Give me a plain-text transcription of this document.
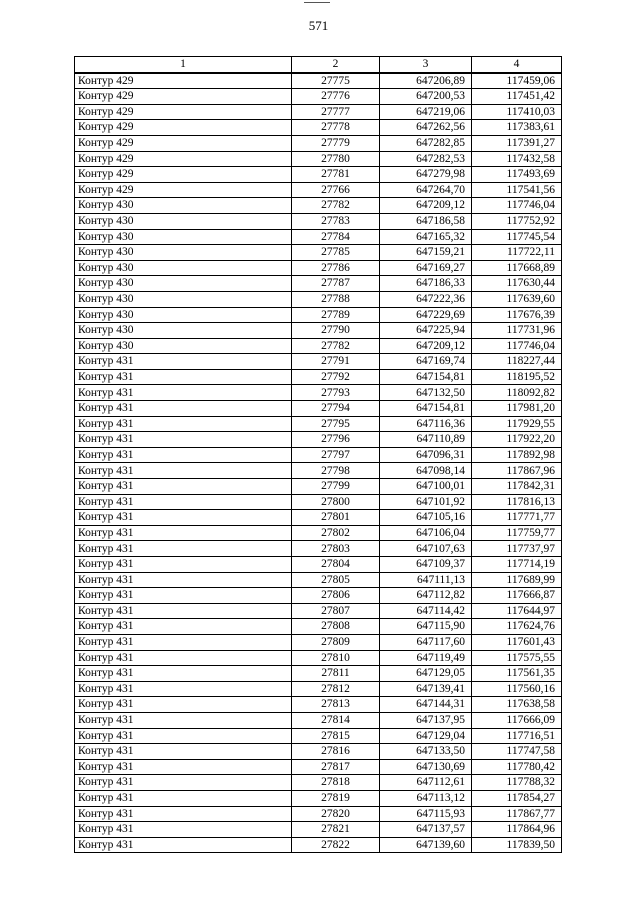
571
1	2	3	4
Контур 429	27775	647206,89	117459,06
Контур 429	27776	647200,53	117451,42
Контур 429	27777	647219,06	117410,03
Контур 429	27778	647262,56	117383,61
Контур 429	27779	647282,85	117391,27
Контур 429	27780	647282,53	117432,58
Контур 429	27781	647279,98	117493,69
Контур 429	27766	647264,70	117541,56
Контур 430	27782	647209,12	117746,04
Контур 430	27783	647186,58	117752,92
Контур 430	27784	647165,32	117745,54
Контур 430	27785	647159,21	117722,11
Контур 430	27786	647169,27	117668,89
Контур 430	27787	647186,33	117630,44
Контур 430	27788	647222,36	117639,60
Контур 430	27789	647229,69	117676,39
Контур 430	27790	647225,94	117731,96
Контур 430	27782	647209,12	117746,04
Контур 431	27791	647169,74	118227,44
Контур 431	27792	647154,81	118195,52
Контур 431	27793	647132,50	118092,82
Контур 431	27794	647154,81	117981,20
Контур 431	27795	647116,36	117929,55
Контур 431	27796	647110,89	117922,20
Контур 431	27797	647096,31	117892,98
Контур 431	27798	647098,14	117867,96
Контур 431	27799	647100,01	117842,31
Контур 431	27800	647101,92	117816,13
Контур 431	27801	647105,16	117771,77
Контур 431	27802	647106,04	117759,77
Контур 431	27803	647107,63	117737,97
Контур 431	27804	647109,37	117714,19
Контур 431	27805	647111,13	117689,99
Контур 431	27806	647112,82	117666,87
Контур 431	27807	647114,42	117644,97
Контур 431	27808	647115,90	117624,76
Контур 431	27809	647117,60	117601,43
Контур 431	27810	647119,49	117575,55
Контур 431	27811	647129,05	117561,35
Контур 431	27812	647139,41	117560,16
Контур 431	27813	647144,31	117638,58
Контур 431	27814	647137,95	117666,09
Контур 431	27815	647129,04	117716,51
Контур 431	27816	647133,50	117747,58
Контур 431	27817	647130,69	117780,42
Контур 431	27818	647112,61	117788,32
Контур 431	27819	647113,12	117854,27
Контур 431	27820	647115,93	117867,77
Контур 431	27821	647137,57	117864,96
Контур 431	27822	647139,60	117839,50
